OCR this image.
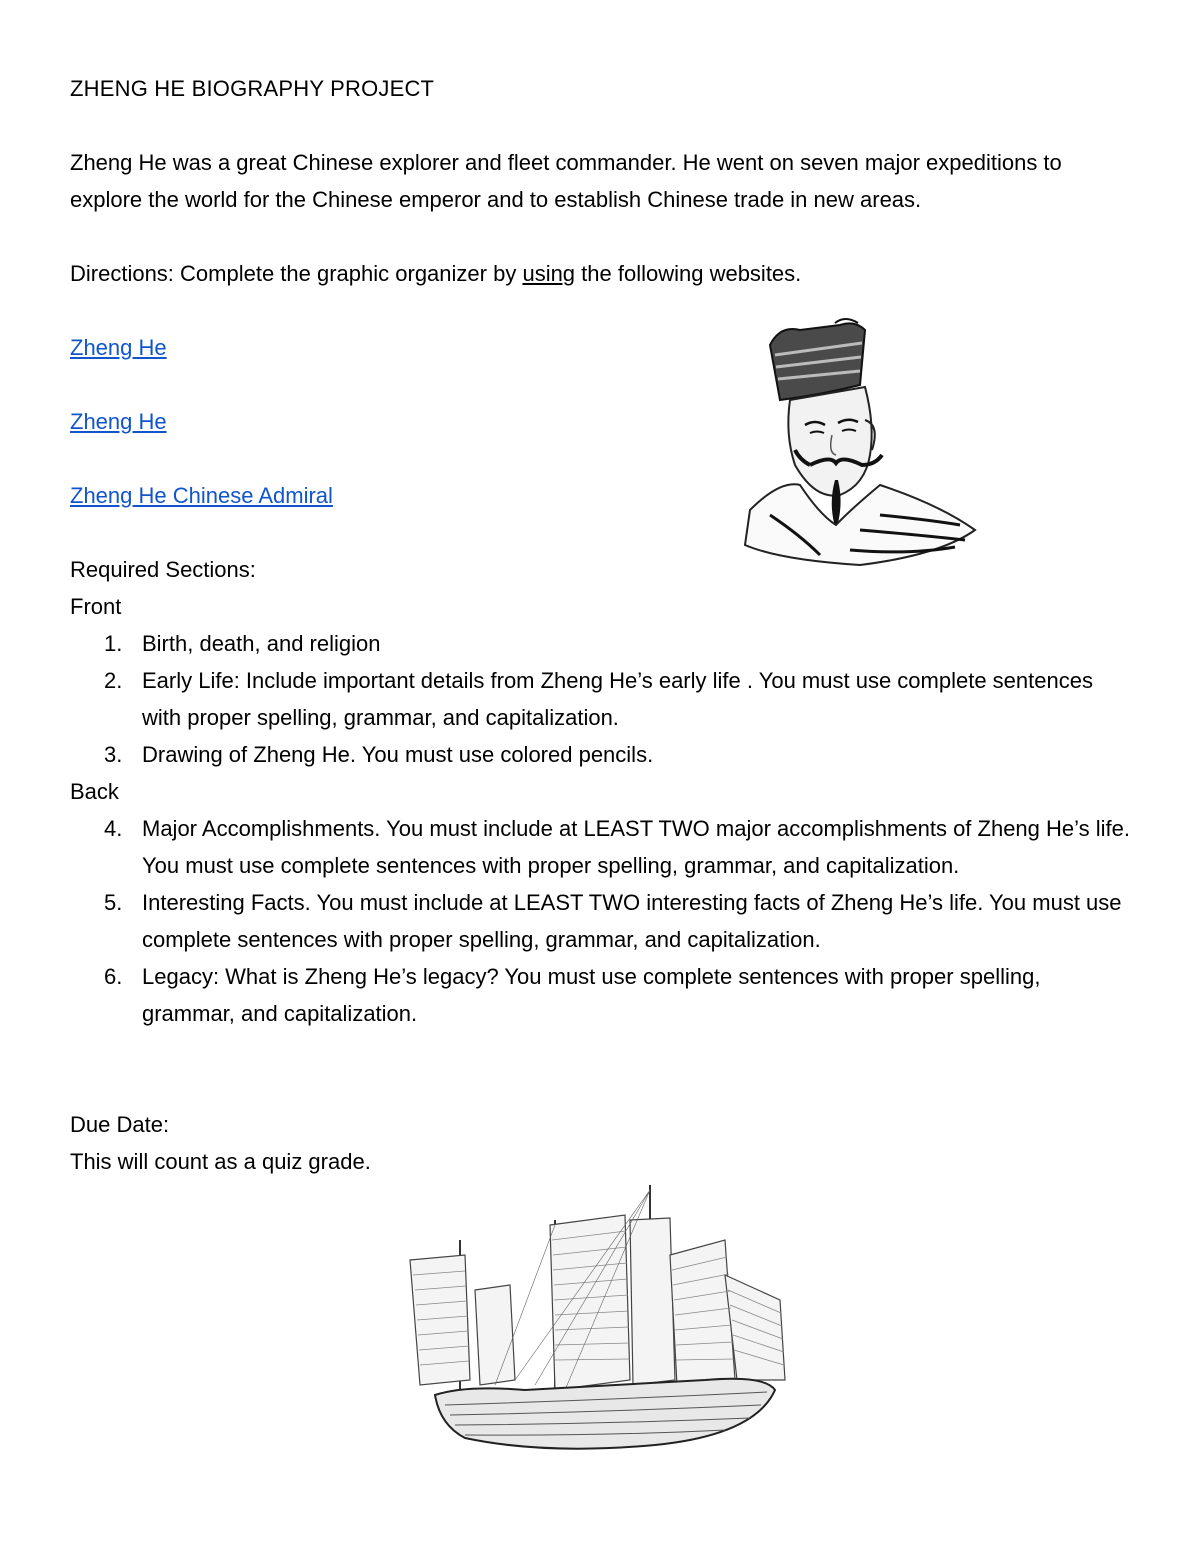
ZHENG HE BIOGRAPHY PROJECT

Zheng He was a great Chinese explorer and fleet commander. He went on seven major expeditions to

explore the world for the Chinese emperor and to establish Chinese trade in new areas.

Directions: Complete the graphic organizer by using the following websites.

Zheng He

Zheng He

Zheng He Chinese Admiral

Required Sections:

Front

1. Birth, death, and religion
2. Early Life: Include important details from Zheng He’s early life . You must use complete sentences with proper spelling, grammar, and capitalization.
3. Drawing of Zheng He. You must use colored pencils.

Back

4. Major Accomplishments. You must include at LEAST TWO major accomplishments of Zheng He’s life. You must use complete sentences with proper spelling, grammar, and capitalization.
5. Interesting Facts. You must include at LEAST TWO interesting facts of Zheng He’s life. You must use complete sentences with proper spelling, grammar, and capitalization.
6. Legacy: What is Zheng He’s legacy? You must use complete sentences with proper spelling, grammar, and capitalization.

Due Date:

This will count as a quiz grade.
